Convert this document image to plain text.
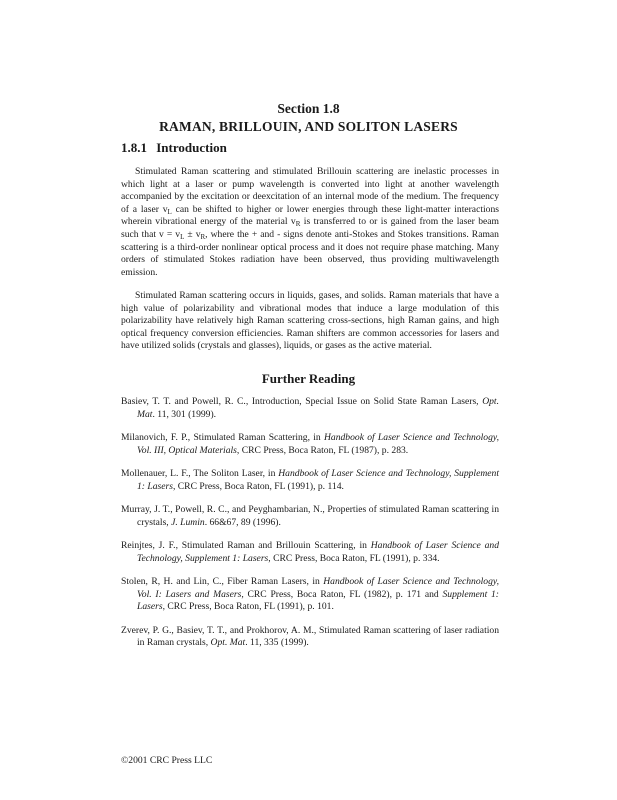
Section 1.8
RAMAN, BRILLOUIN, AND SOLITON LASERS
1.8.1 Introduction

Stimulated Raman scattering and stimulated Brillouin scattering are inelastic processes in which light at a laser or pump wavelength is converted into light at another wavelength accompanied by the excitation or deexcitation of an internal mode of the medium. The frequency of a laser $v_L$ can be shifted to higher or lower energies through these light-matter interactions wherein vibrational energy of the material $v_R$ is transferred to or is gained from the laser beam such that $v = v_L \pm v_R$, where the + and - signs denote anti-Stokes and Stokes transitions. Raman scattering is a third-order nonlinear optical process and it does not require phase matching. Many orders of stimulated Stokes radiation have been observed, thus providing multiwavelength emission.

Stimulated Raman scattering occurs in liquids, gases, and solids. Raman materials that have a high value of polarizability and vibrational modes that induce a large modulation of this polarizability have relatively high Raman scattering cross-sections, high Raman gains, and high optical frequency conversion efficiencies. Raman shifters are common accessories for lasers and have utilized solids (crystals and glasses), liquids, or gases as the active material.

Further Reading
Basiev, T. T. and Powell, R. C., Introduction, Special Issue on Solid State Raman Lasers, Opt. Mat. 11, 301 (1999).
Milanovich, F. P., Stimulated Raman Scattering, in Handbook of Laser Science and Technology, Vol. III, Optical Materials, CRC Press, Boca Raton, FL (1987), p. 283.
Mollenauer, L. F., The Soliton Laser, in Handbook of Laser Science and Technology, Supplement 1: Lasers, CRC Press, Boca Raton, FL (1991), p. 114.
Murray, J. T., Powell, R. C., and Peyghambarian, N., Properties of stimulated Raman scattering in crystals, J. Lumin. 66&67, 89 (1996).
Reinjtes, J. F., Stimulated Raman and Brillouin Scattering, in Handbook of Laser Science and Technology, Supplement 1: Lasers, CRC Press, Boca Raton, FL (1991), p. 334.
Stolen, R, H. and Lin, C., Fiber Raman Lasers, in Handbook of Laser Science and Technology, Vol. I: Lasers and Masers, CRC Press, Boca Raton, FL (1982), p. 171 and Supplement 1: Lasers, CRC Press, Boca Raton, FL (1991), p. 101.
Zverev, P. G., Basiev, T. T., and Prokhorov, A. M., Stimulated Raman scattering of laser radiation in Raman crystals, Opt. Mat. 11, 335 (1999).
©2001 CRC Press LLC
